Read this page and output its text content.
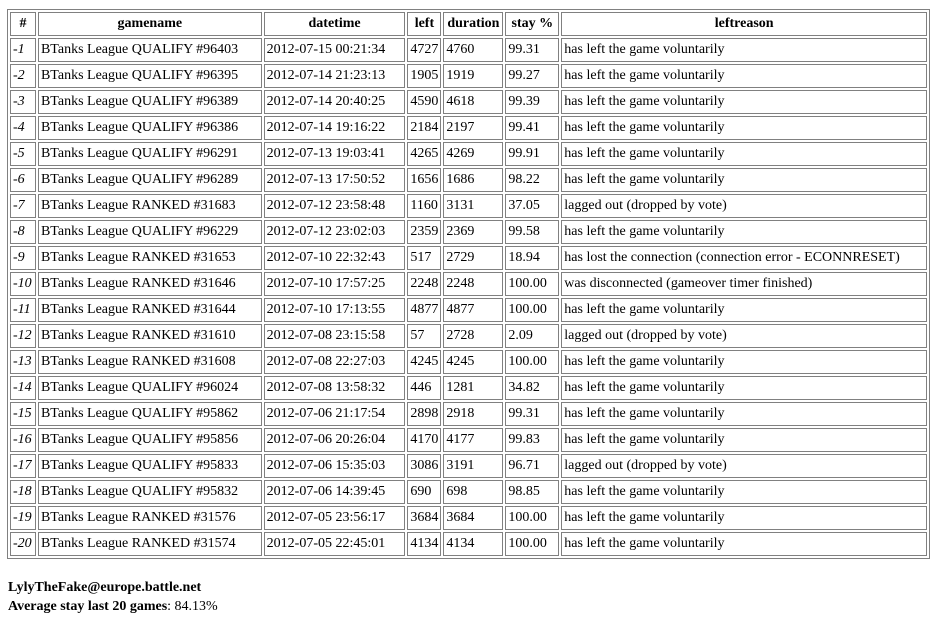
#	gamename	datetime	left	duration	stay %	leftreason
-1	BTanks League QUALIFY #96403	2012-07-15 00:21:34	4727	4760	99.31	has left the game voluntarily
-2	BTanks League QUALIFY #96395	2012-07-14 21:23:13	1905	1919	99.27	has left the game voluntarily
-3	BTanks League QUALIFY #96389	2012-07-14 20:40:25	4590	4618	99.39	has left the game voluntarily
-4	BTanks League QUALIFY #96386	2012-07-14 19:16:22	2184	2197	99.41	has left the game voluntarily
-5	BTanks League QUALIFY #96291	2012-07-13 19:03:41	4265	4269	99.91	has left the game voluntarily
-6	BTanks League QUALIFY #96289	2012-07-13 17:50:52	1656	1686	98.22	has left the game voluntarily
-7	BTanks League RANKED #31683	2012-07-12 23:58:48	1160	3131	37.05	lagged out (dropped by vote)
-8	BTanks League QUALIFY #96229	2012-07-12 23:02:03	2359	2369	99.58	has left the game voluntarily
-9	BTanks League RANKED #31653	2012-07-10 22:32:43	517	2729	18.94	has lost the connection (connection error - ECONNRESET)
-10	BTanks League RANKED #31646	2012-07-10 17:57:25	2248	2248	100.00	was disconnected (gameover timer finished)
-11	BTanks League RANKED #31644	2012-07-10 17:13:55	4877	4877	100.00	has left the game voluntarily
-12	BTanks League RANKED #31610	2012-07-08 23:15:58	57	2728	2.09	lagged out (dropped by vote)
-13	BTanks League RANKED #31608	2012-07-08 22:27:03	4245	4245	100.00	has left the game voluntarily
-14	BTanks League QUALIFY #96024	2012-07-08 13:58:32	446	1281	34.82	has left the game voluntarily
-15	BTanks League QUALIFY #95862	2012-07-06 21:17:54	2898	2918	99.31	has left the game voluntarily
-16	BTanks League QUALIFY #95856	2012-07-06 20:26:04	4170	4177	99.83	has left the game voluntarily
-17	BTanks League QUALIFY #95833	2012-07-06 15:35:03	3086	3191	96.71	lagged out (dropped by vote)
-18	BTanks League QUALIFY #95832	2012-07-06 14:39:45	690	698	98.85	has left the game voluntarily
-19	BTanks League RANKED #31576	2012-07-05 23:56:17	3684	3684	100.00	has left the game voluntarily
-20	BTanks League RANKED #31574	2012-07-05 22:45:01	4134	4134	100.00	has left the game voluntarily
LylyTheFake@europe.battle.net
Average stay last 20 games: 84.13%
